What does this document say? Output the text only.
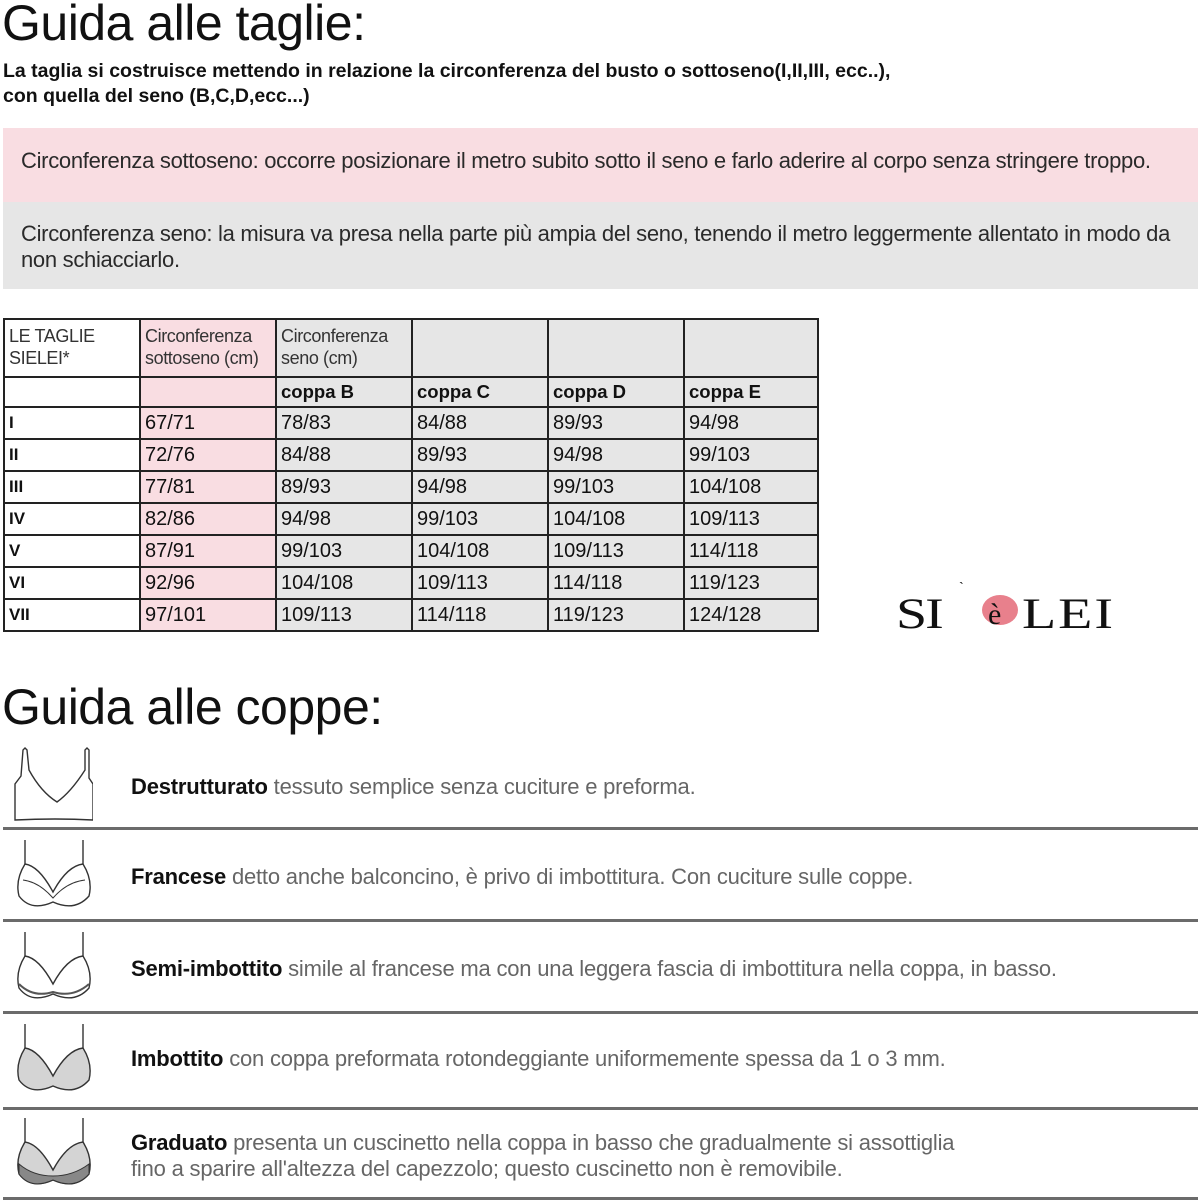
Guida alle taglie:
La taglia si costruisce mettendo in relazione la circonferenza del busto o sottoseno(I,II,III, ecc..),
con quella del seno (B,C,D,ecc...)
Circonferenza sottoseno: occorre posizionare il metro subito sotto il seno e farlo aderire al corpo senza stringere troppo.
Circonferenza seno: la misura va presa nella parte più ampia del seno, tenendo il metro leggermente allentato in modo da non schiacciarlo.
LE TAGLIE SIELEI*	Circonferenza sottoseno (cm)	Circonferenza seno (cm)			
		coppa B	coppa C	coppa D	coppa E
I	67/71	78/83	84/88	89/93	94/98
II	72/76	84/88	89/93	94/98	99/103
III	77/81	89/93	94/98	99/103	104/108
IV	82/86	94/98	99/103	104/108	109/113
V	87/91	99/103	104/108	109/113	114/118
VI	92/96	104/108	109/113	114/118	119/123
VII	97/101	109/113	114/118	119/123	124/128 SI è LEI
`
Guida alle coppe:
Destrutturato tessuto semplice senza cuciture e preforma.
Francese detto anche balconcino, è privo di imbottitura. Con cuciture sulle coppe.
Semi-imbottito simile al francese ma con una leggera fascia di imbottitura nella coppa, in basso.
Imbottito con coppa preformata rotondeggiante uniformemente spessa da 1 o 3 mm.
Graduato presenta un cuscinetto nella coppa in basso che gradualmente si assottiglia
fino a sparire all'altezza del capezzolo; questo cuscinetto non è removibile.
